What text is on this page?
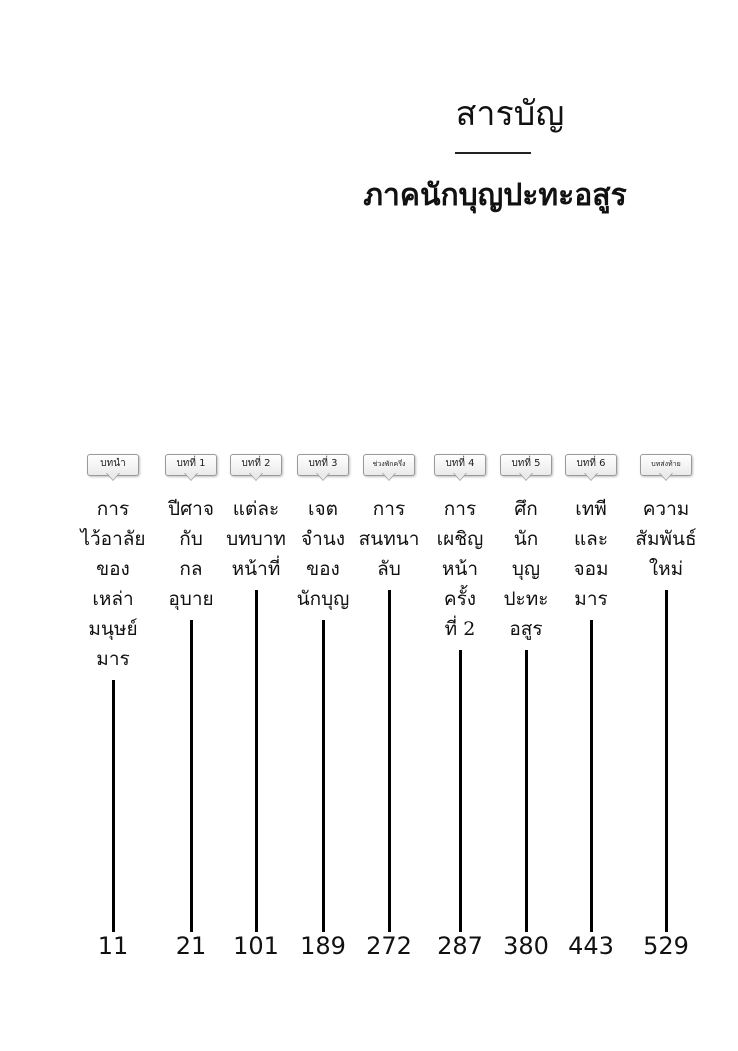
สารบัญ
ภาคนักบุญปะทะอสูร
บทนำ
การ
ไว้อาลัย
ของ
เหล่า
มนุษย์
มาร
11
บทที่ 1
ปีศาจ
กับ
กล
อุบาย
21
บทที่ 2
แต่ละ
บทบาท
หน้าที่
101
บทที่ 3
เจต
จำนง
ของ
นักบุญ
189
ช่วงพักครึ่ง
การ
สนทนา
ลับ
272
บทที่ 4
การ
เผชิญ
หน้า
ครั้ง
ที่ 2
287
บทที่ 5
ศึก
นัก
บุญ
ปะทะ
อสูร
380
บทที่ 6
เทพี
และ
จอม
มาร
443
บทส่งท้าย
ความ
สัมพันธ์
ใหม่
529
